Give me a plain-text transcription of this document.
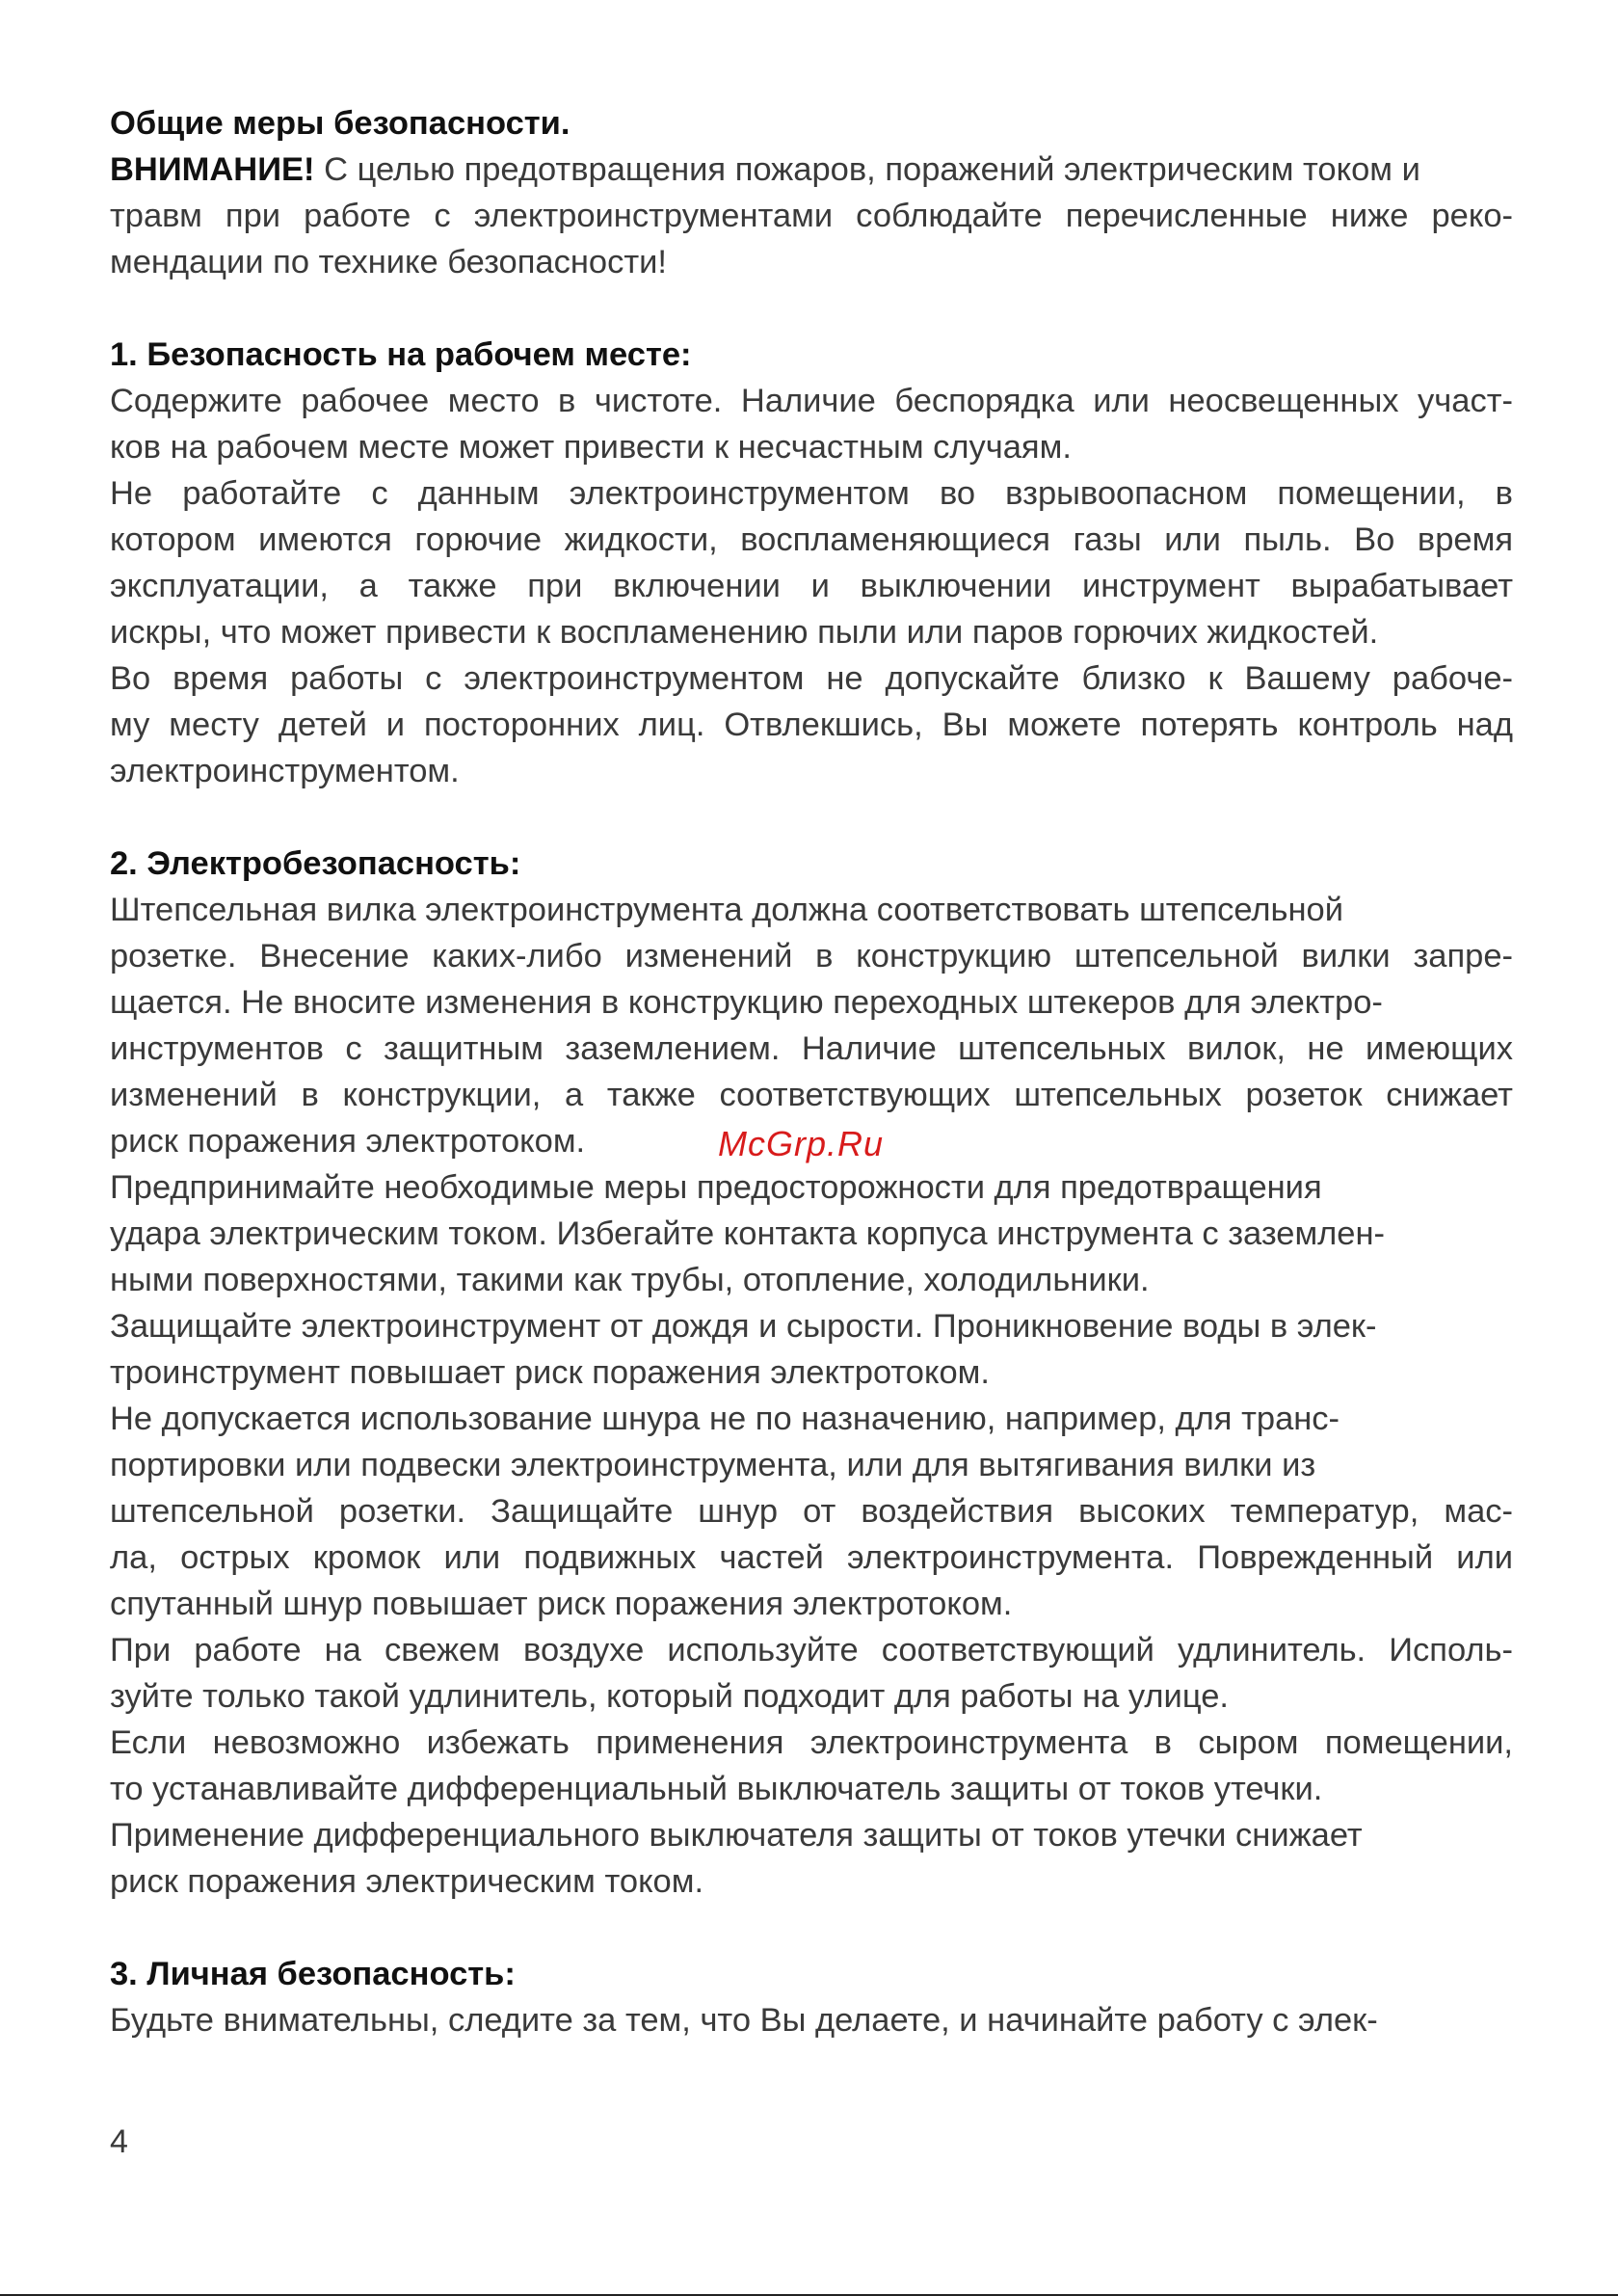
Общие меры безопасности.
ВНИМАНИЕ! С целью предотвращения пожаров, поражений электрическим током и
травм при работе с электроинструментами соблюдайте перечисленные ниже реко-
мендации по технике безопасности!
1. Безопасность на рабочем месте:
Содержите рабочее место в чистоте. Наличие беспорядка или неосвещенных участ-
ков на рабочем месте может привести к несчастным случаям.
Не работайте с данным электроинструментом во взрывоопасном помещении, в
котором имеются горючие жидкости, воспламеняющиеся газы или пыль. Во время
эксплуатации, а также при включении и выключении инструмент вырабатывает
искры, что может привести к воспламенению пыли или паров горючих жидкостей.
Во время работы с электроинструментом не допускайте близко к Вашему рабоче-
му месту детей и посторонних лиц. Отвлекшись, Вы можете потерять контроль над
электроинструментом.
2. Электробезопасность:
Штепсельная вилка электроинструмента должна соответствовать штепсельной
розетке. Внесение каких-либо изменений в конструкцию штепсельной вилки запре-
щается. Не вносите изменения в конструкцию переходных штекеров для электро-
инструментов с защитным заземлением. Наличие штепсельных вилок, не имеющих
изменений в конструкции, а также соответствующих штепсельных розеток снижает
риск поражения электротоком.
Предпринимайте необходимые меры предосторожности для предотвращения
удара электрическим током. Избегайте контакта корпуса инструмента с заземлен-
ными поверхностями, такими как трубы, отопление, холодильники.
Защищайте электроинструмент от дождя и сырости. Проникновение воды в элек-
троинструмент повышает риск поражения электротоком.
Не допускается использование шнура не по назначению, например, для транс-
портировки или подвески электроинструмента, или для вытягивания вилки из
штепсельной розетки. Защищайте шнур от воздействия высоких температур, мас-
ла, острых кромок или подвижных частей электроинструмента. Поврежденный или
спутанный шнур повышает риск поражения электротоком.
При работе на свежем воздухе используйте соответствующий удлинитель. Исполь-
зуйте только такой удлинитель, который подходит для работы на улице.
Если невозможно избежать применения электроинструмента в сыром помещении,
то устанавливайте дифференциальный выключатель защиты от токов утечки.
Применение дифференциального выключателя защиты от токов утечки снижает
риск поражения электрическим током.
3. Личная безопасность:
Будьте внимательны, следите за тем, что Вы делаете, и начинайте работу с элек-
McGrp.Ru
4
